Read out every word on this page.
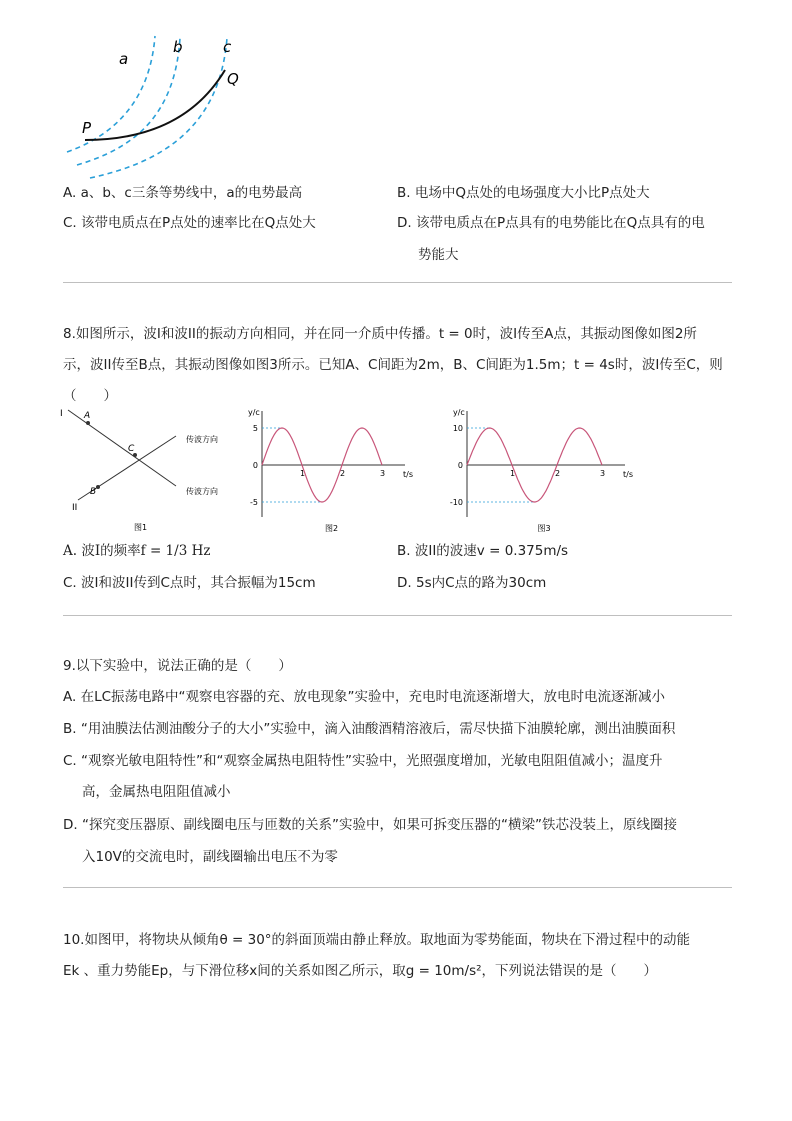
a
b	c
P
Q
A. a、b、c三条等势线中，a的电势最高	B. 电场中Q点处的电场强度大小比P点处大
C. 该带电质点在P点处的速率比在Q点处大	D. 该带电质点在P点具有的电势能比在Q点具有的电
势能大
8.如图所示，波I和波II的振动方向相同，并在同一介质中传播。t = 0时，波I传至A点，其振动图像如图2所
示，波II传至B点，其振动图像如图3所示。已知A、C间距为2m，B、C间距为1.5m；t = 4s时，波I传至C，则
（　　）
I
II
A
B
C
传波方向
传波方向
图1
y/c
t/s
5
0
-5
1	2	3
图2
y/c
t/s
10
0
-10
1	2	3
图3
A. 波I的频率f = 1/3 Hz	B. 波II的波速v = 0.375m/s
C. 波I和波II传到C点时，其合振幅为15cm	D. 5s内C点的路为30cm
9.以下实验中，说法正确的是（　　）
A. 在LC振荡电路中“观察电容器的充、放电现象”实验中，充电时电流逐渐增大，放电时电流逐渐减小
B. “用油膜法估测油酸分子的大小”实验中，滴入油酸酒精溶液后，需尽快描下油膜轮廓，测出油膜面积
C. “观察光敏电阻特性”和“观察金属热电阻特性”实验中，光照强度增加，光敏电阻阻值减小；温度升
高，金属热电阻阻值减小
D. “探究变压器原、副线圈电压与匝数的关系”实验中，如果可拆变压器的“横梁”铁芯没装上，原线圈接
入10V的交流电时，副线圈输出电压不为零
10.如图甲，将物块从倾角θ = 30°的斜面顶端由静止释放。取地面为零势能面，物块在下滑过程中的动能
Ek 、重力势能Ep，与下滑位移x间的关系如图乙所示，取g = 10m/s²，下列说法错误的是（　　）
